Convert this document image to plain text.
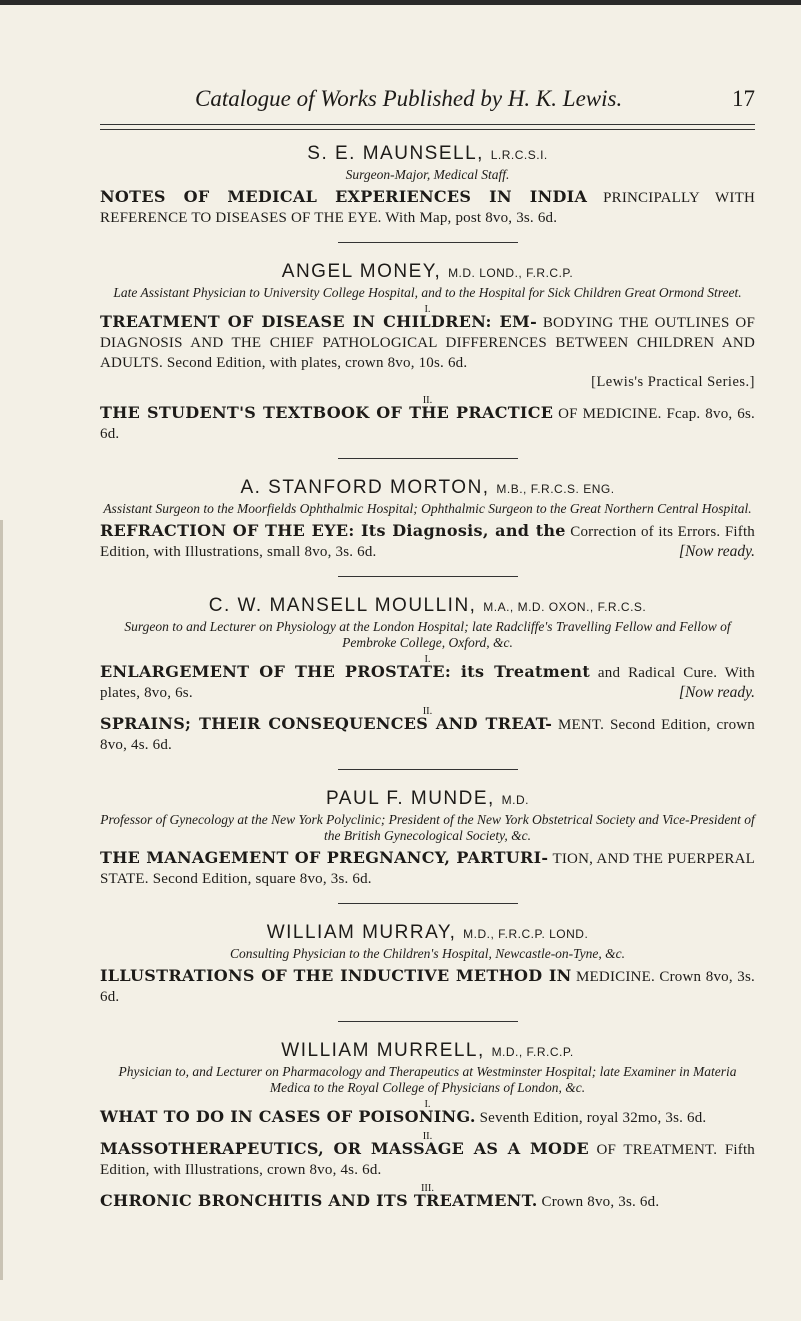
Catalogue of Works Published by H. K. Lewis.	17

S. E. MAUNSELL, L.R.C.S.I.

Surgeon-Major, Medical Staff.

NOTES OF MEDICAL EXPERIENCES IN INDIA PRINCIPALLY WITH REFERENCE TO DISEASES OF THE EYE. With Map, post 8vo, 3s. 6d.

ANGEL MONEY, M.D. LOND., F.R.C.P.

Late Assistant Physician to University College Hospital, and to the Hospital for Sick Children Great Ormond Street.

I.

TREATMENT OF DISEASE IN CHILDREN: EM- BODYING THE OUTLINES OF DIAGNOSIS AND THE CHIEF PATHOLOGICAL DIFFERENCES BETWEEN CHILDREN AND ADULTS. Second Edition, with plates, crown 8vo, 10s. 6d.

[Lewis's Practical Series.]

II.

THE STUDENT'S TEXTBOOK OF THE PRACTICE OF MEDICINE. Fcap. 8vo, 6s. 6d.

A. STANFORD MORTON, M.B., F.R.C.S. ENG.

Assistant Surgeon to the Moorfields Ophthalmic Hospital; Ophthalmic Surgeon to the Great Northern Central Hospital.

REFRACTION OF THE EYE: Its Diagnosis, and the Correction of its Errors. Fifth Edition, with Illustrations, small 8vo, 3s. 6d.	[Now ready.

C. W. MANSELL MOULLIN, M.A., M.D. OXON., F.R.C.S.

Surgeon to and Lecturer on Physiology at the London Hospital; late Radcliffe's Travelling Fellow and Fellow of Pembroke College, Oxford, &c.

I.

ENLARGEMENT OF THE PROSTATE: its Treatment and Radical Cure. With plates, 8vo, 6s.	[Now ready.

II.

SPRAINS; THEIR CONSEQUENCES AND TREAT- MENT. Second Edition, crown 8vo, 4s. 6d.

PAUL F. MUNDE, M.D.

Professor of Gynecology at the New York Polyclinic; President of the New York Obstetrical Society and Vice-President of the British Gynecological Society, &c.

THE MANAGEMENT OF PREGNANCY, PARTURI- TION, AND THE PUERPERAL STATE. Second Edition, square 8vo, 3s. 6d.

WILLIAM MURRAY, M.D., F.R.C.P. LOND.

Consulting Physician to the Children's Hospital, Newcastle-on-Tyne, &c.

ILLUSTRATIONS OF THE INDUCTIVE METHOD IN MEDICINE. Crown 8vo, 3s. 6d.

WILLIAM MURRELL, M.D., F.R.C.P.

Physician to, and Lecturer on Pharmacology and Therapeutics at Westminster Hospital; late Examiner in Materia Medica to the Royal College of Physicians of London, &c.

I.

WHAT TO DO IN CASES OF POISONING. Seventh Edition, royal 32mo, 3s. 6d.

II.

MASSOTHERAPEUTICS, OR MASSAGE AS A MODE OF TREATMENT. Fifth Edition, with Illustrations, crown 8vo, 4s. 6d.

III.

CHRONIC BRONCHITIS AND ITS TREATMENT. Crown 8vo, 3s. 6d.
